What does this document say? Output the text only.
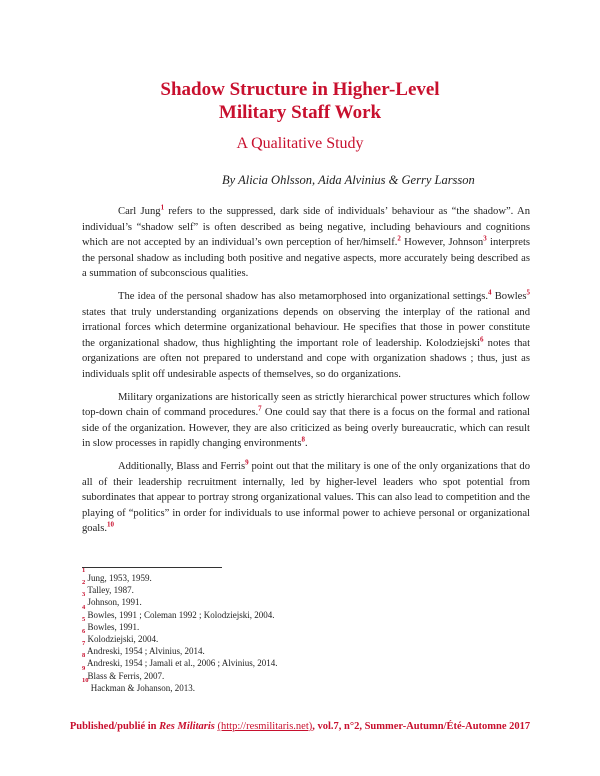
Shadow Structure in Higher-Level
Military Staff Work
A Qualitative Study
By Alicia Ohlsson, Aida Alvinius & Gerry Larsson

Carl Jung$^1$ refers to the suppressed, dark side of individuals’ behaviour as “the shadow”. An individual’s “shadow self” is often described as being negative, including behaviours and cognitions which are not accepted by an individual’s own perception of her/himself.$^2$ However, Johnson$^3$ interprets the personal shadow as including both positive and negative aspects, more accurately being described as a summation of subconscious qualities.

The idea of the personal shadow has also metamorphosed into organizational settings.$^4$ Bowles$^5$ states that truly understanding organizations depends on observing the interplay of the rational and irrational forces which determine organizational behaviour. He specifies that those in power constitute the organizational shadow, thus highlighting the important role of leadership. Kolodziejski$^6$ notes that organizations are often not prepared to understand and cope with organization shadows ; thus, just as individuals split off undesirable aspects of themselves, so do organizations.

Military organizations are historically seen as strictly hierarchical power structures which follow top-down chain of command procedures.$^7$ One could say that there is a focus on the formal and rational side of the organization. However, they are also criticized as being overly bureaucratic, which can result in slow processes in rapidly changing environments$^8$.

Additionally, Blass and Ferris$^9$ point out that the military is one of the only organizations that do all of their leadership recruitment internally, led by higher-level leaders who spot potential from subordinates that appear to portray strong organizational values. This can also lead to competition and the playing of “politics” in order for individuals to use informal power to achieve personal or organizational goals.$^{10}$

$^1$ Jung, 1953, 1959.
$^2$ Talley, 1987.
$^3$ Johnson, 1991.
$^4$ Bowles, 1991 ; Coleman 1992 ; Kolodziejski, 2004.
$^5$ Bowles, 1991.
$^6$ Kolodziejski, 2004.
$^7$ Andreski, 1954 ; Alvinius, 2014.
$^8$ Andreski, 1954 ; Jamali et al., 2006 ; Alvinius, 2014.
$^9$ Blass & Ferris, 2007.
$^{10}$ Hackman & Johanson, 2013.
Published/publié in Res Militaris (http://resmilitaris.net), vol.7, n°2, Summer-Autumn/Été-Automne 2017
